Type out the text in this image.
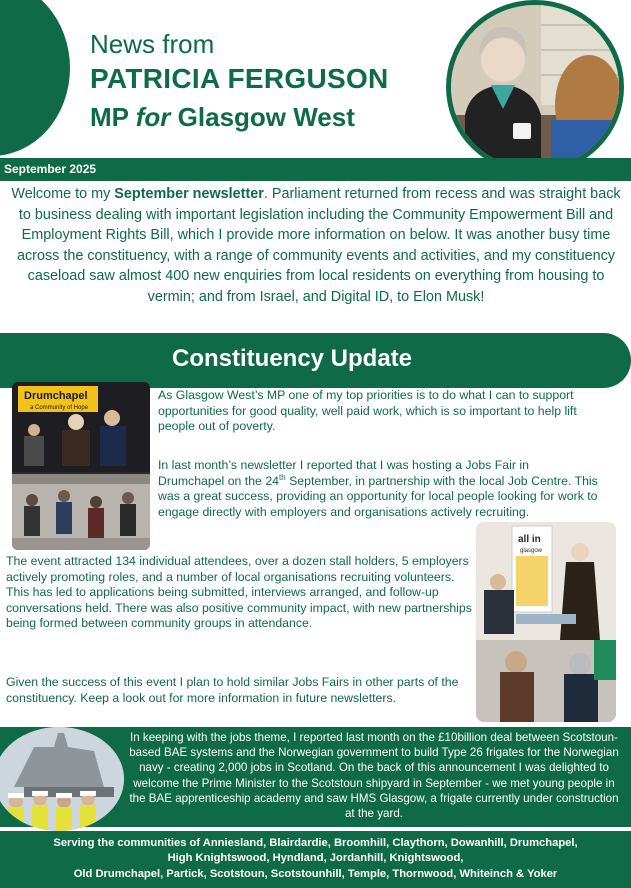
News from
PATRICIA FERGUSON
MP for Glasgow West
September 2025

Welcome to my September newsletter. Parliament returned from recess and was straight back to business dealing with important legislation including the Community Empowerment Bill and Employment Rights Bill, which I provide more information on below. It was another busy time across the constituency, with a range of community events and activities, and my constituency caseload saw almost 400 new enquiries from local residents on everything from housing to vermin; and from Israel, and Digital ID, to Elon Musk!

Constituency Update
Drumchapel
a Community of Hope

As Glasgow West’s MP one of my top priorities is to do what I can to support opportunities for good quality, well paid work, which is so important to help lift people out of poverty.

In last month’s newsletter I reported that I was hosting a Jobs Fair in Drumchapel on the 24th September, in partnership with the local Job Centre. This was a great success, providing an opportunity for local people looking for work to engage directly with employers and organisations actively recruiting.

all in
glasgow

The event attracted 134 individual attendees, over a dozen stall holders, 5 employers actively promoting roles, and a number of local organisations recruiting volunteers. This has led to applications being submitted, interviews arranged, and follow-up conversations held. There was also positive community impact, with new partnerships being formed between community groups in attendance.

Given the success of this event I plan to hold similar Jobs Fairs in other parts of the constituency. Keep a look out for more information in future newsletters.

In keeping with the jobs theme, I reported last month on the £10billion deal between Scotstoun-based BAE systems and the Norwegian government to build Type 26 frigates for the Norwegian navy - creating 2,000 jobs in Scotland. On the back of this announcement I was delighted to welcome the Prime Minister to the Scotstoun shipyard in September - we met young people in the BAE apprenticeship academy and saw HMS Glasgow, a frigate currently under construction at the yard.

Serving the communities of Anniesland, Blairdardie, Broomhill, Claythorn, Dowanhill, Drumchapel,
High Knightswood, Hyndland, Jordanhill, Knightswood,
Old Drumchapel, Partick, Scotstoun, Scotstounhill, Temple, Thornwood, Whiteinch & Yoker
